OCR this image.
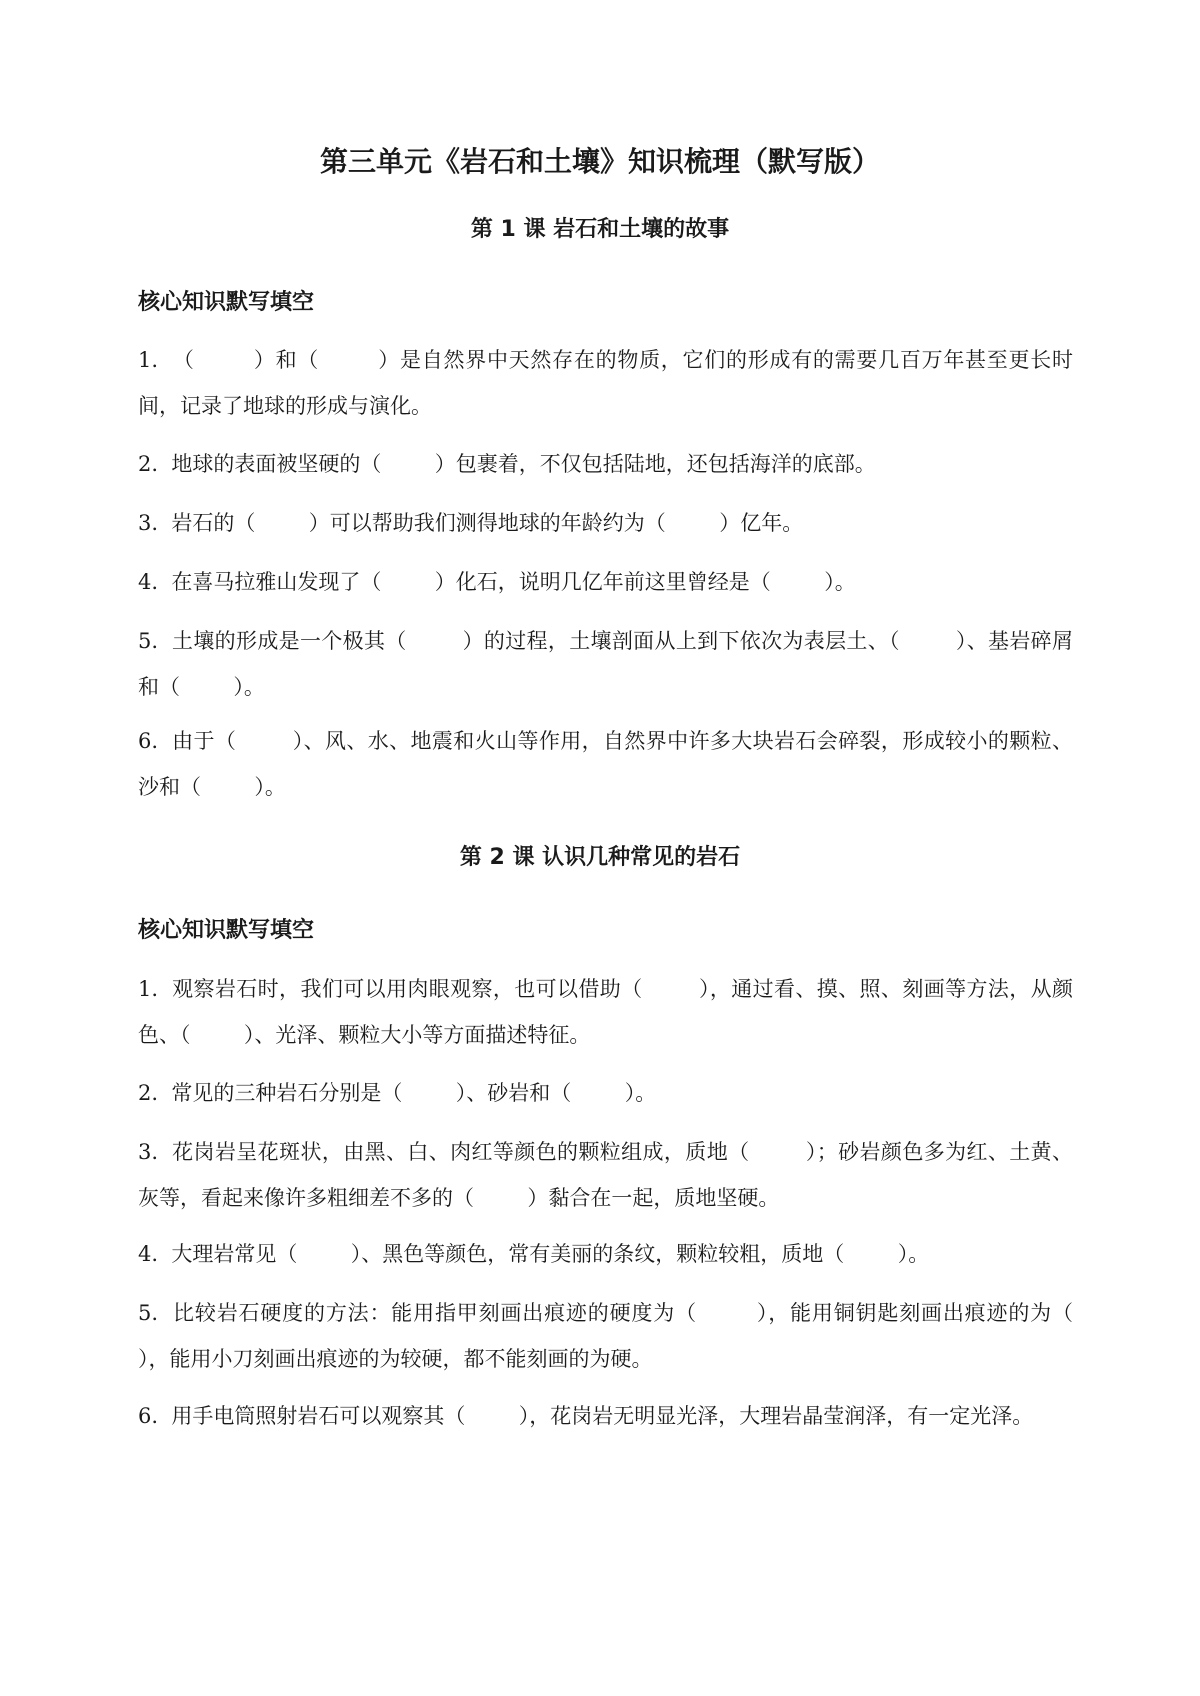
第三单元《岩石和土壤》知识梳理（默写版）
第 1 课 岩石和土壤的故事
核心知识默写填空

1.  （        ）和（        ）是自然界中天然存在的物质，它们的形成有的需要几百万年甚至更长时间，记录了地球的形成与演化。

2.  地球的表面被坚硬的（        ）包裹着，不仅包括陆地，还包括海洋的底部。

3.  岩石的（        ）可以帮助我们测得地球的年龄约为（        ）亿年。

4.  在喜马拉雅山发现了（        ）化石，说明几亿年前这里曾经是（        ）。

5.  土壤的形成是一个极其（        ）的过程，土壤剖面从上到下依次为表层土、（        ）、基岩碎屑和（        ）。

6.  由于（        ）、风、水、地震和火山等作用，自然界中许多大块岩石会碎裂，形成较小的颗粒、沙和（        ）。

第 2 课 认识几种常见的岩石
核心知识默写填空

1.  观察岩石时，我们可以用肉眼观察，也可以借助（        ），通过看、摸、照、刻画等方法，从颜色、（        ）、光泽、颗粒大小等方面描述特征。

2.  常见的三种岩石分别是（        ）、砂岩和（        ）。

3.  花岗岩呈花斑状，由黑、白、肉红等颜色的颗粒组成，质地（        ）；砂岩颜色多为红、土黄、灰等，看起来像许多粗细差不多的（        ）黏合在一起，质地坚硬。

4.  大理岩常见（        ）、黑色等颜色，常有美丽的条纹，颗粒较粗，质地（        ）。

5.  比较岩石硬度的方法：能用指甲刻画出痕迹的硬度为（        ），能用铜钥匙刻画出痕迹的为（        ），能用小刀刻画出痕迹的为较硬，都不能刻画的为硬。

6.  用手电筒照射岩石可以观察其（        ），花岗岩无明显光泽，大理岩晶莹润泽，有一定光泽。
